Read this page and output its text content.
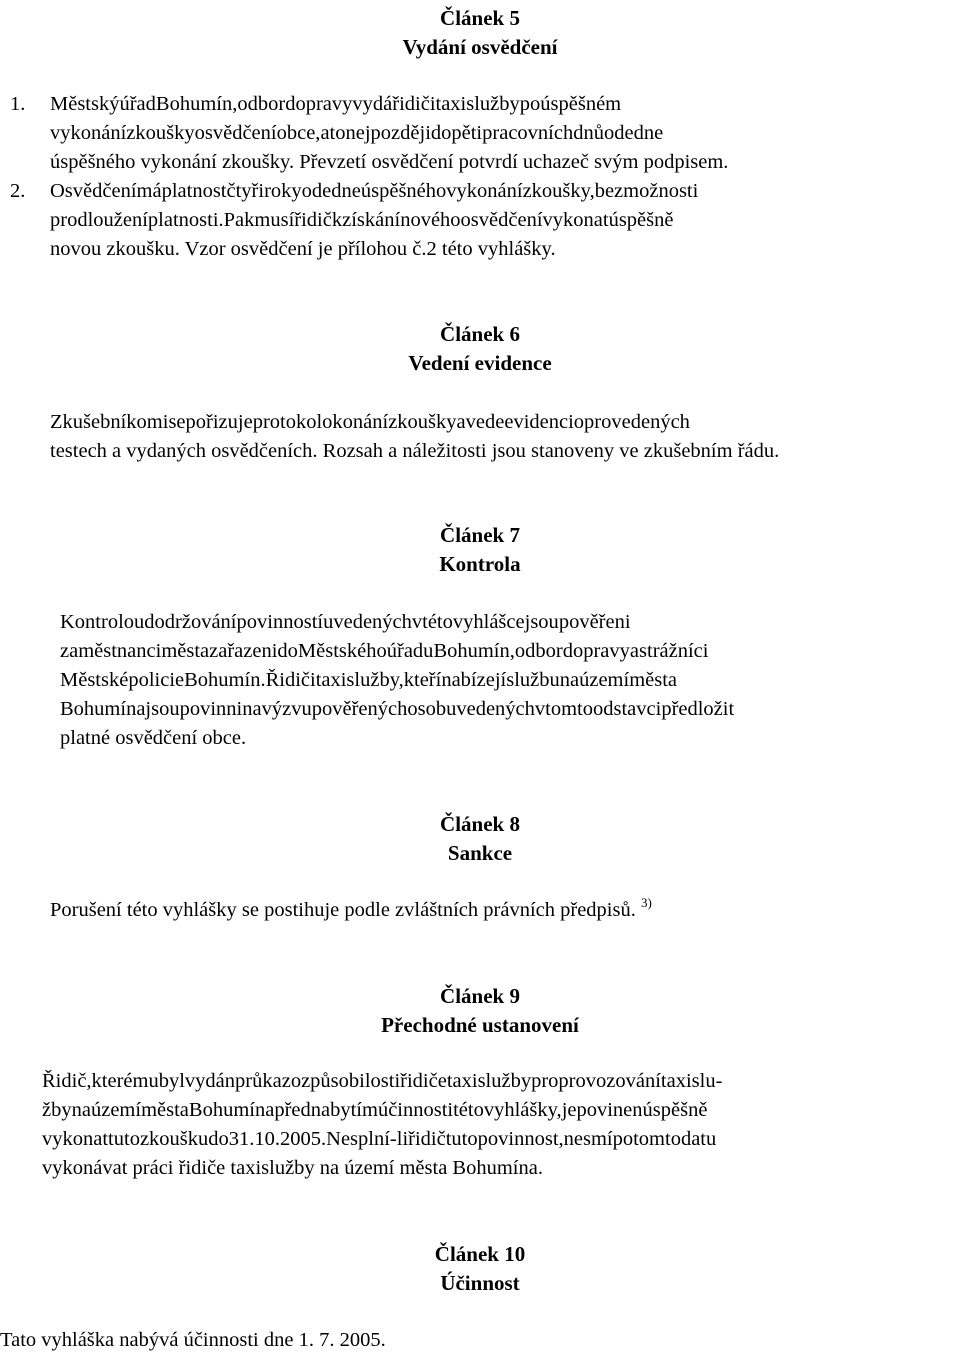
Článek 5
Vydání osvědčení
1.	MěstskýúřadBohumín,odbordopravyvydářidičitaxislužbypoúspěšném
vykonánízkouškyosvědčeníobce,atonejpozdějidopětipracovníchdnůodedne
úspěšného vykonání zkoušky. Převzetí osvědčení potvrdí uchazeč svým podpisem.
2.	Osvědčenímáplatnostčtyřirokyodedneúspěšnéhovykonánízkoušky,bezmožnosti
prodlouženíplatnosti.Pakmusířidičkzískánínovéhoosvědčenívykonatúspěšně
novou zkoušku. Vzor osvědčení je přílohou č.2 této vyhlášky.
Článek 6
Vedení evidence
Zkušebníkomisepořizujeprotokolokonánízkouškyavedeevidencioprovedených
testech a vydaných osvědčeních. Rozsah a náležitosti jsou stanoveny ve zkušebním řádu.
Článek 7
Kontrola
Kontroloudodržovánípovinnostíuvedenýchvtétovyhlášcejsoupověřeni
zaměstnanciměstazařazenidoMěstskéhoúřaduBohumín,odbordopravyastrážníci
MěstsképolicieBohumín.Řidičitaxislužby,kteřínabízejíslužbunaúzemíměsta
Bohumínajsoupovinninavýzvupověřenýchosobuvedenýchvtomtoodstavcipředložit
platné osvědčení obce.
Článek 8
Sankce
Porušení této vyhlášky se postihuje podle zvláštních právních předpisů. $^{3)}$
Článek 9
Přechodné ustanovení
Řidič,kterémubylvydánprůkazozpůsobilostiřidičetaxislužbyproprovozovánítaxislu-
žbynaúzemíměstaBohumínapřednabytímúčinnostitétovyhlášky,jepovinenúspěšně
vykonattutozkouškudo31.10.2005.Nesplní-liřidičtutopovinnost,nesmípotomtodatu
vykonávat práci řidiče taxislužby na území města Bohumína.
Článek 10
Účinnost
Tato vyhláška nabývá účinnosti dne 1. 7. 2005.
